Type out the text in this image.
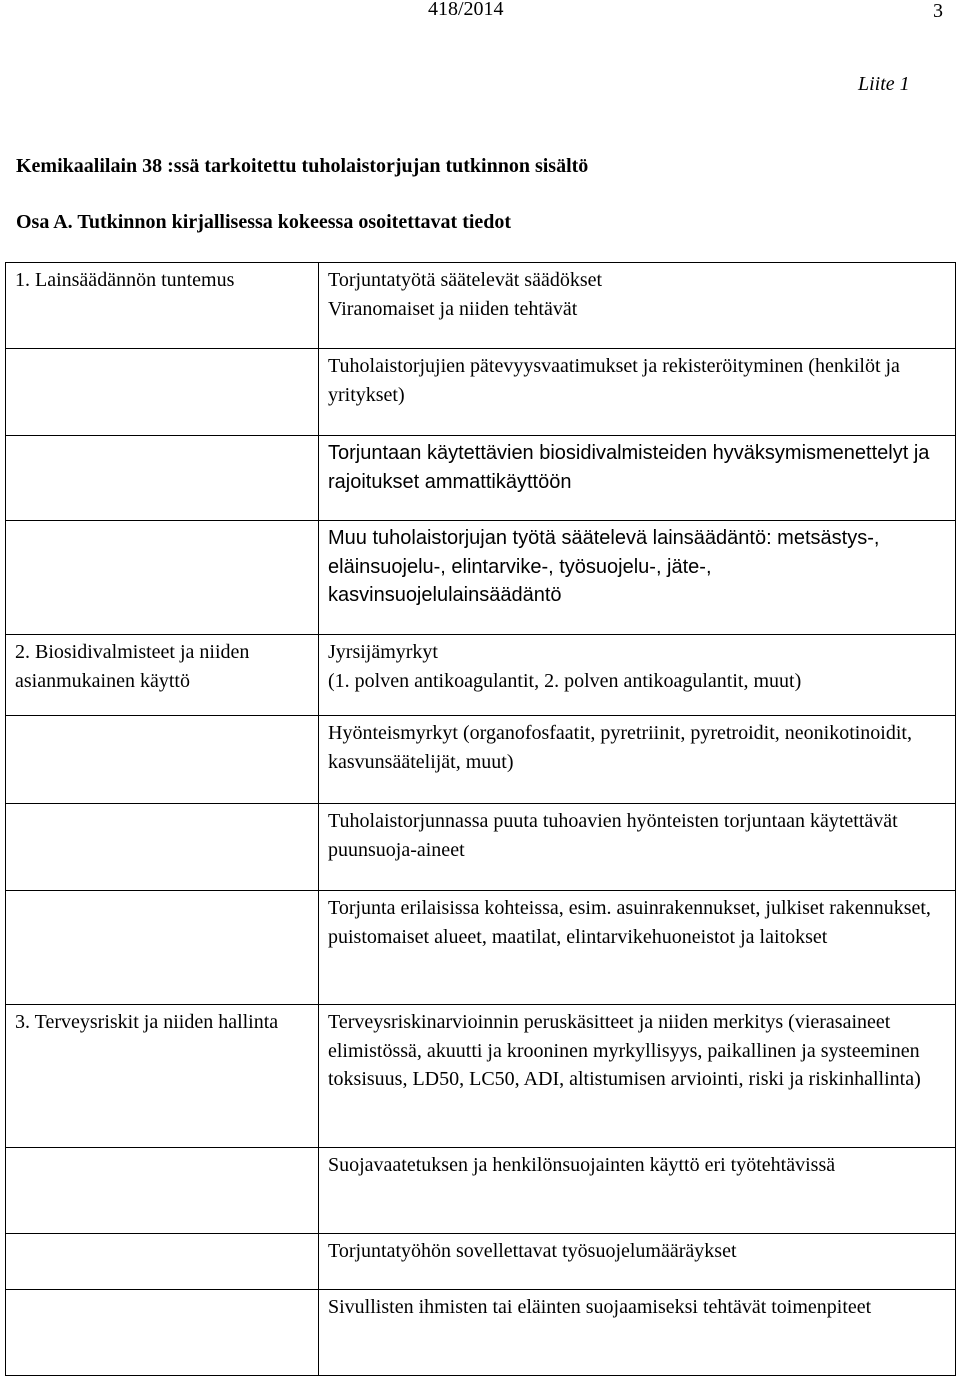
418/2014	3
Liite 1
Kemikaalilain 38 :ssä tarkoitettu tuholaistorjujan tutkinnon sisältö
Osa A. Tutkinnon kirjallisessa kokeessa osoitettavat tiedot
1. Lainsäädännön tuntemus	Torjuntatyötä säätelevät säädökset
Viranomaiset ja niiden tehtävät

	Tuholaistorjujien pätevyysvaatimukset ja rekisteröityminen (henkilöt ja yritykset)

	Torjuntaan käytettävien biosidivalmisteiden hyväksymismenettelyt ja rajoitukset ammattikäyttöön

	Muu tuholaistorjujan työtä säätelevä lainsäädäntö: metsästys-, eläinsuojelu-, elintarvike-, työsuojelu-, jäte-, kasvinsuojelulainsäädäntö

2. Biosidivalmisteet ja niiden asianmukainen käyttö	Jyrsijämyrkyt
(1. polven antikoagulantit, 2. polven antikoagulantit, muut)

	Hyönteismyrkyt (organofosfaatit, pyretriinit, pyretroidit, neonikotinoidit, kasvunsäätelijät, muut)

	Tuholaistorjunnassa puuta tuhoavien hyönteisten torjuntaan käytettävät puunsuoja-aineet

	Torjunta erilaisissa kohteissa, esim. asuinrakennukset, julkiset rakennukset, puistomaiset alueet, maatilat, elintarvikehuoneistot ja laitokset

3. Terveysriskit ja niiden hallinta	Terveysriskinarvioinnin peruskäsitteet ja niiden merkitys (vierasaineet elimistössä, akuutti ja krooninen myrkyllisyys, paikallinen ja systeeminen toksisuus, LD50, LC50, ADI, altistumisen arviointi, riski ja riskinhallinta)

	Suojavaatetuksen ja henkilönsuojainten käyttö eri työtehtävissä

	Torjuntatyöhön sovellettavat työsuojelumääräykset

	Sivullisten ihmisten tai eläinten suojaamiseksi tehtävät toimenpiteet
